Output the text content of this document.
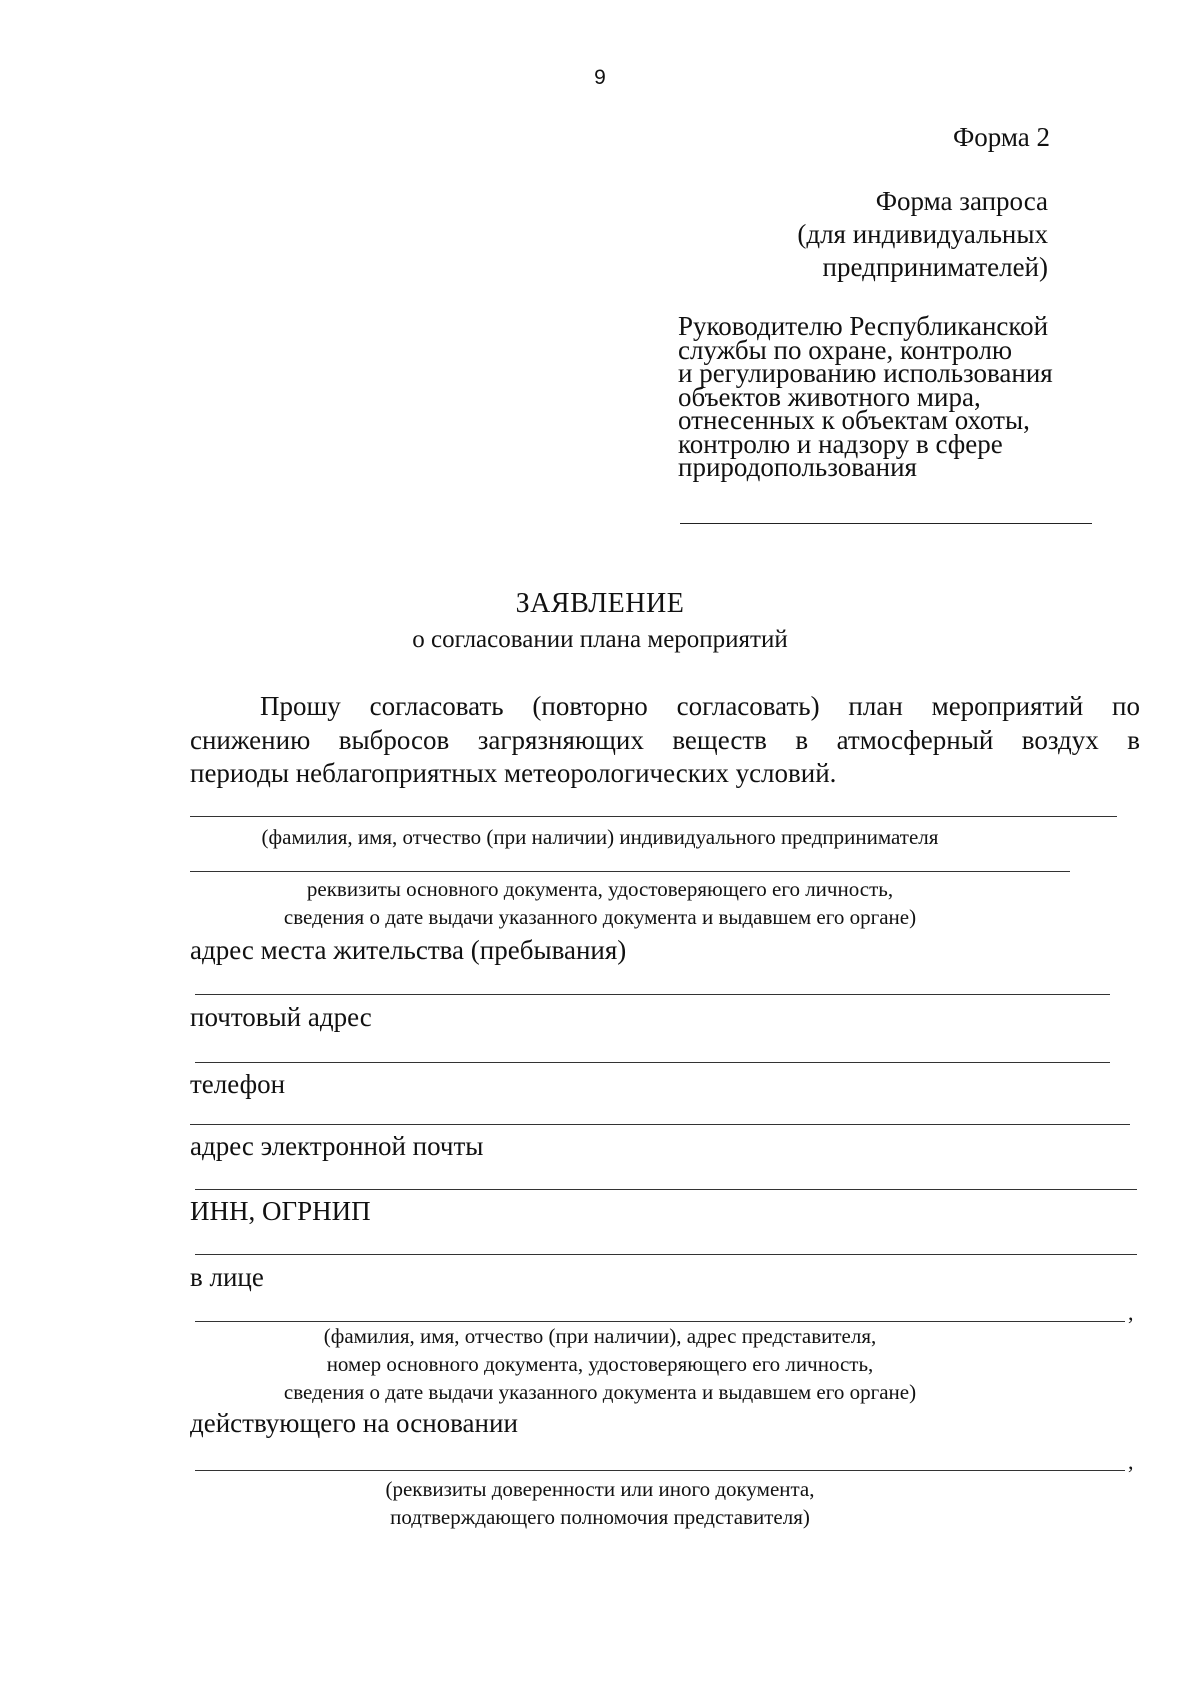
9
Форма 2
Форма запроса
(для индивидуальных
предпринимателей)
Руководителю Республиканской
службы по охране, контролю
и регулированию использования
объектов животного мира,
отнесенных к объектам охоты,
контролю и надзору в сфере
природопользования
ЗАЯВЛЕНИЕ
о согласовании плана мероприятий
Прошу согласовать (повторно согласовать) план мероприятий по
снижению выбросов загрязняющих веществ в атмосферный воздух в
периоды неблагоприятных метеорологических условий.
(фамилия, имя, отчество (при наличии) индивидуального предпринимателя
реквизиты основного документа, удостоверяющего его личность,
сведения о дате выдачи указанного документа и выдавшем его органе)
адрес места жительства (пребывания)
почтовый адрес
телефон
адрес электронной почты
ИНН, ОГРНИП
в лице
,
(фамилия, имя, отчество (при наличии), адрес представителя,
номер основного документа, удостоверяющего его личность,
сведения о дате выдачи указанного документа и выдавшем его органе)
действующего на основании
,
(реквизиты доверенности или иного документа,
подтверждающего полномочия представителя)
